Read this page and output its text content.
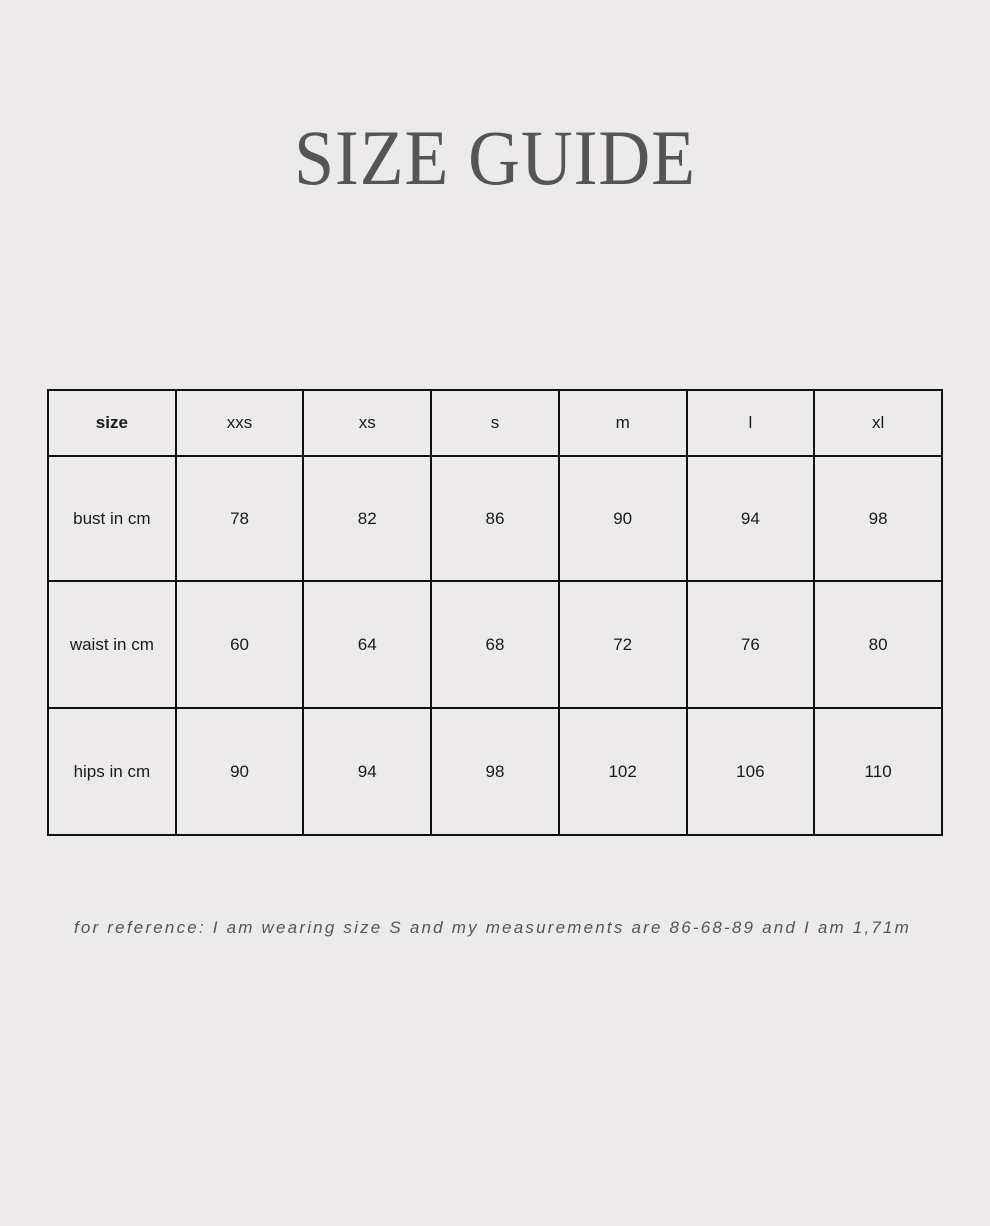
SIZE GUIDE
size	xxs	xs	s	m	l	xl
bust in cm	78	82	86	90	94	98
waist in cm	60	64	68	72	76	80
hips in cm	90	94	98	102	106	110

for reference: I am wearing size S and my measurements are 86-68-89 and I am 1,71m
